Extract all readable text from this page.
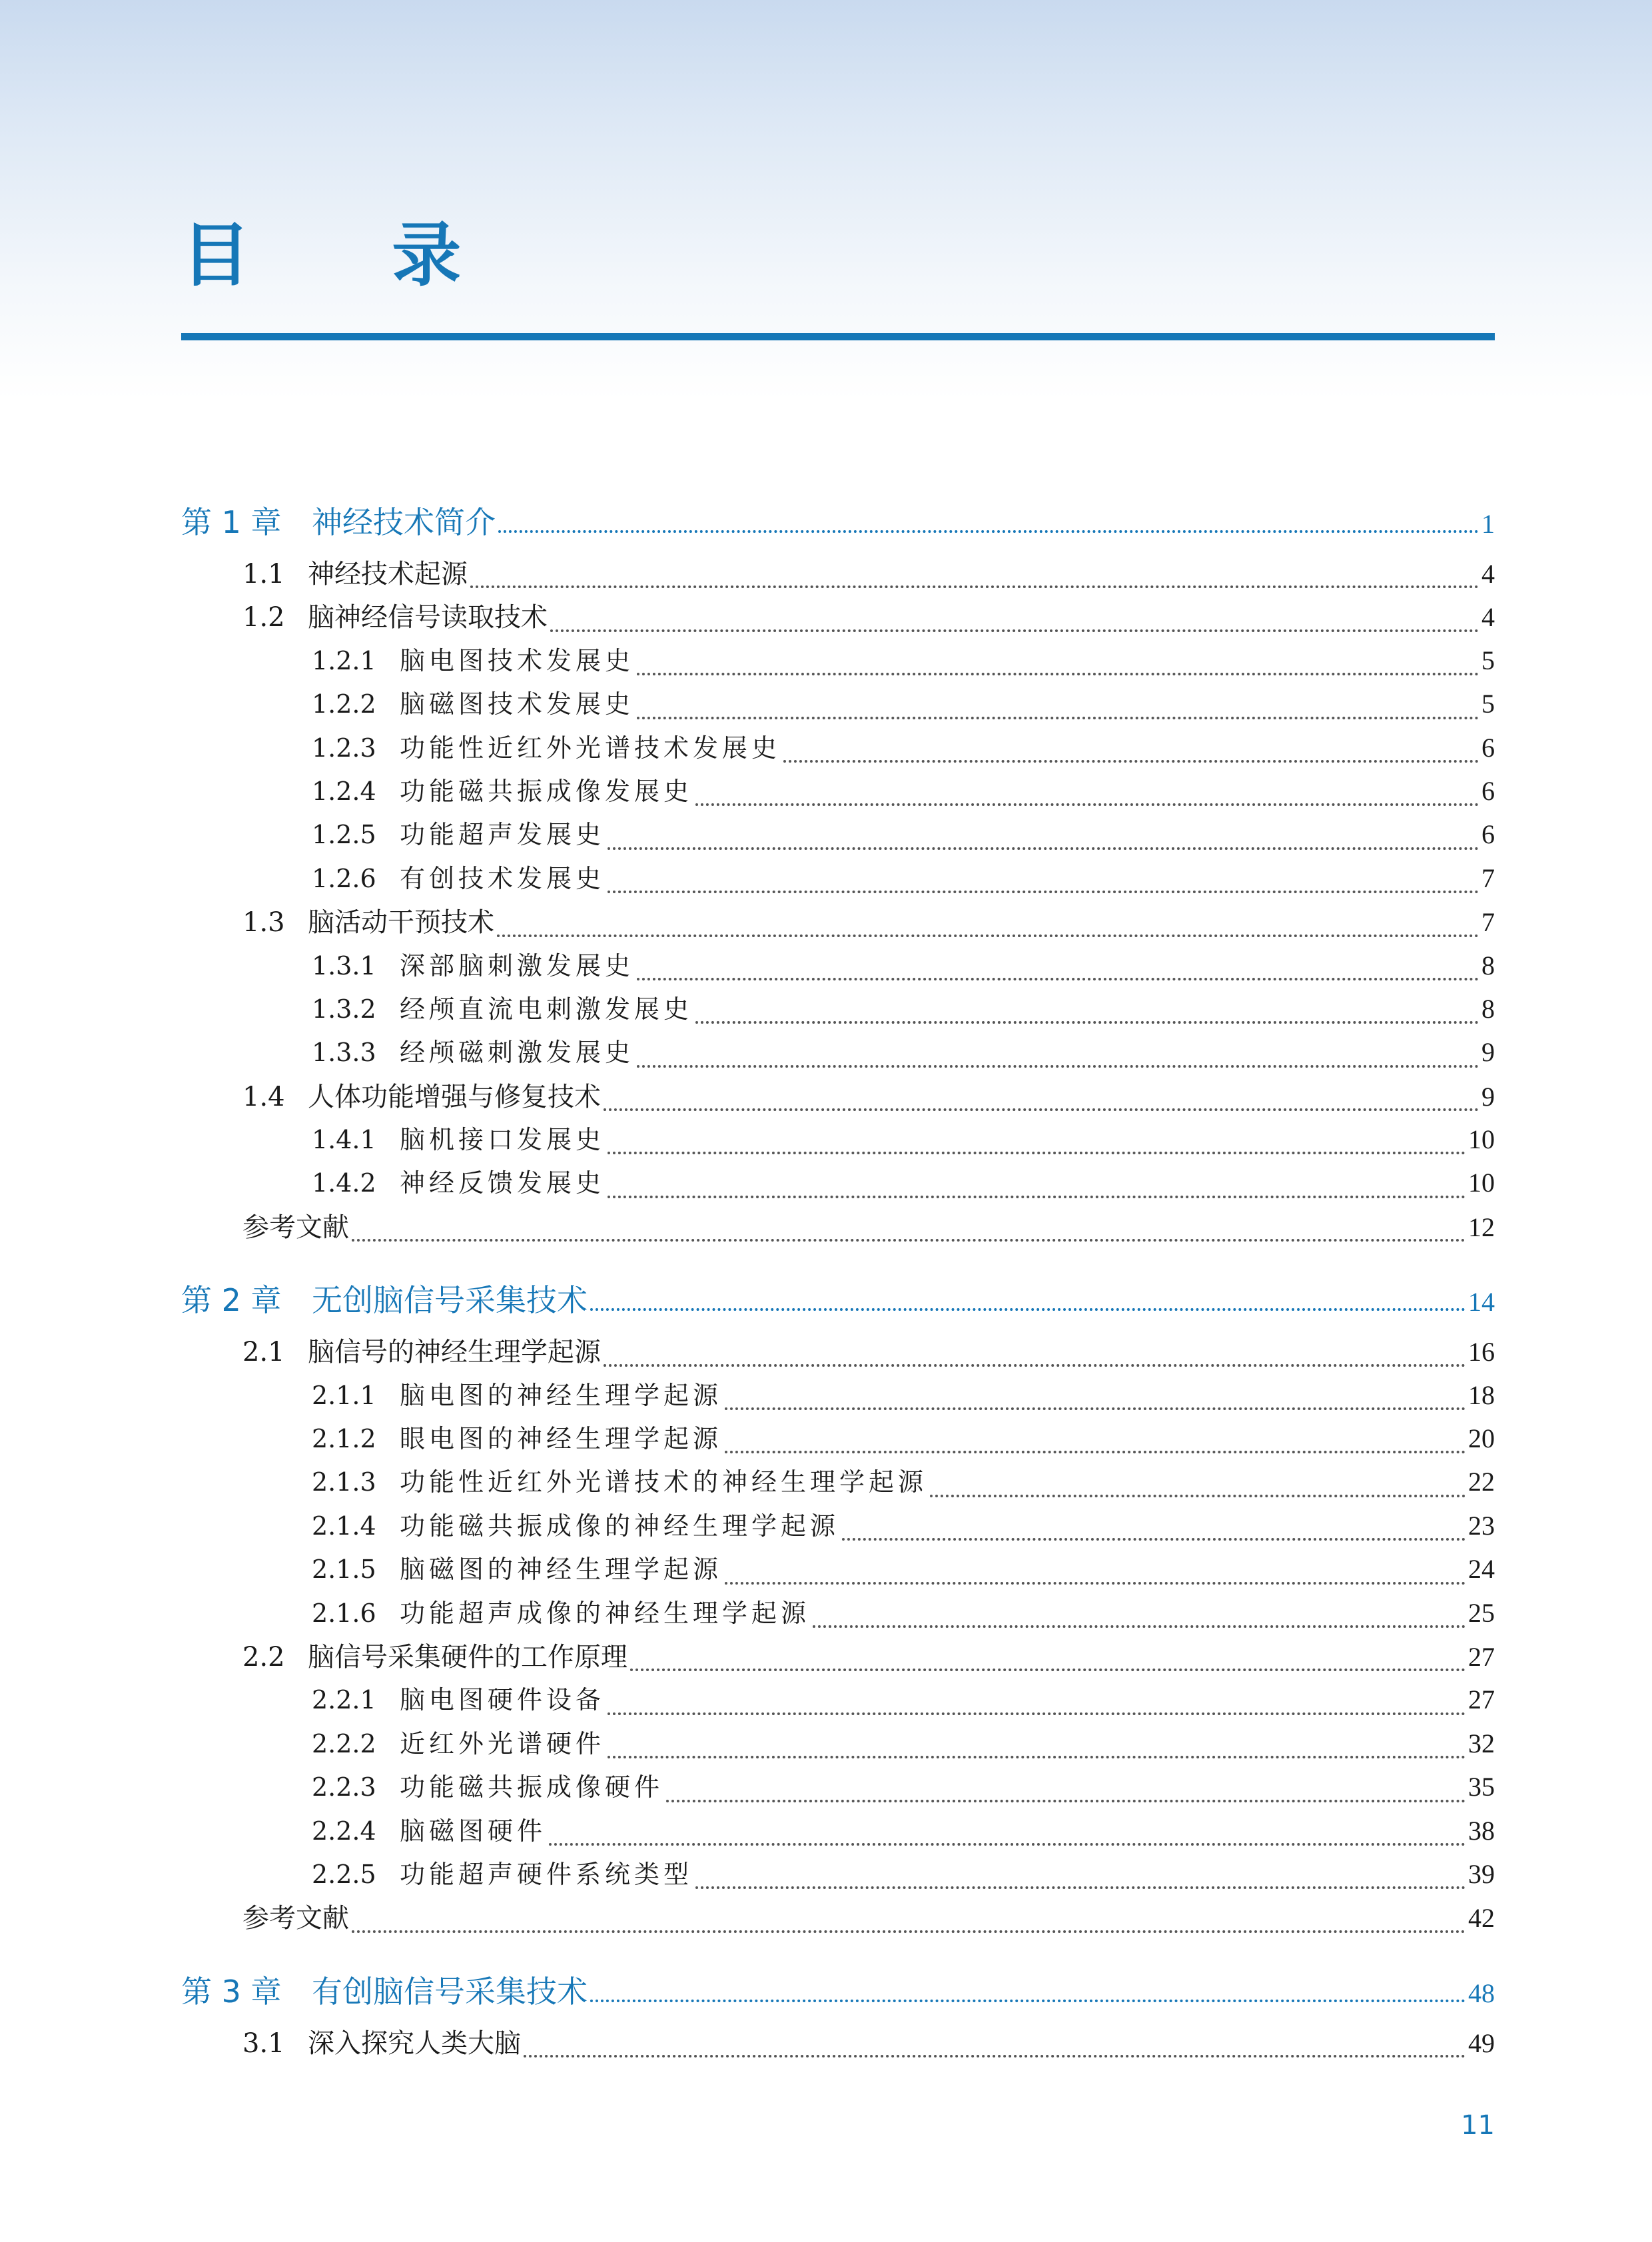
目 录
第 1 章 神经技术简介	1
1.1 神经技术起源	4
1.2 脑神经信号读取技术	4
1.2.1 脑电图技术发展史	5
1.2.2 脑磁图技术发展史	5
1.2.3 功能性近红外光谱技术发展史	6
1.2.4 功能磁共振成像发展史	6
1.2.5 功能超声发展史	6
1.2.6 有创技术发展史	7
1.3 脑活动干预技术	7
1.3.1 深部脑刺激发展史	8
1.3.2 经颅直流电刺激发展史	8
1.3.3 经颅磁刺激发展史	9
1.4 人体功能增强与修复技术	9
1.4.1 脑机接口发展史	10
1.4.2 神经反馈发展史	10
参考文献	12
第 2 章 无创脑信号采集技术	14
2.1 脑信号的神经生理学起源	16
2.1.1 脑电图的神经生理学起源	18
2.1.2 眼电图的神经生理学起源	20
2.1.3 功能性近红外光谱技术的神经生理学起源	22
2.1.4 功能磁共振成像的神经生理学起源	23
2.1.5 脑磁图的神经生理学起源	24
2.1.6 功能超声成像的神经生理学起源	25
2.2 脑信号采集硬件的工作原理	27
2.2.1 脑电图硬件设备	27
2.2.2 近红外光谱硬件	32
2.2.3 功能磁共振成像硬件	35
2.2.4 脑磁图硬件	38
2.2.5 功能超声硬件系统类型	39
参考文献	42
第 3 章 有创脑信号采集技术	48
3.1 深入探究人类大脑	49
11
